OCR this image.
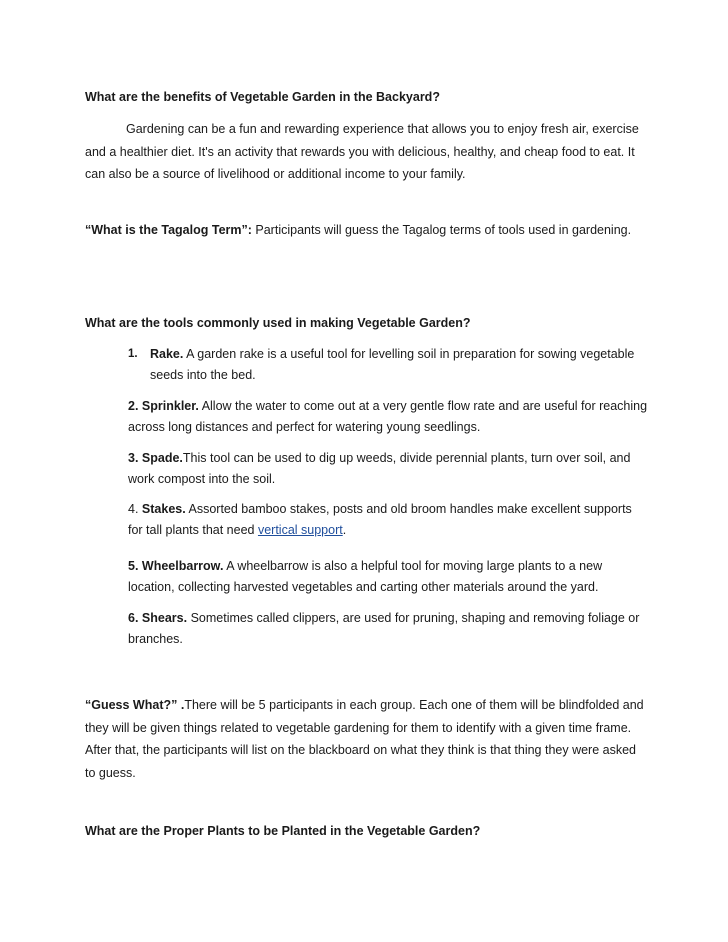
What are the benefits of Vegetable Garden in the Backyard?

Gardening can be a fun and rewarding experience that allows you to enjoy fresh air, exercise and a healthier diet. It's an activity that rewards you with delicious, healthy, and cheap food to eat. It can also be a source of livelihood or additional income to your family.

“What is the Tagalog Term”: Participants will guess the Tagalog terms of tools used in gardening.

What are the tools commonly used in making Vegetable Garden?

1. Rake. A garden rake is a useful tool for levelling soil in preparation for sowing vegetable seeds into the bed.

2. Sprinkler. Allow the water to come out at a very gentle flow rate and are useful for reaching across long distances and perfect for watering young seedlings.

3. Spade.This tool can be used to dig up weeds, divide perennial plants, turn over soil, and work compost into the soil.

4. Stakes. Assorted bamboo stakes, posts and old broom handles make excellent supports for tall plants that need vertical support.

5. Wheelbarrow. A wheelbarrow is also a helpful tool for moving large plants to a new location, collecting harvested vegetables and carting other materials around the yard.

6. Shears. Sometimes called clippers, are used for pruning, shaping and removing foliage or branches.

“Guess What?” .There will be 5 participants in each group. Each one of them will be blindfolded and they will be given things related to vegetable gardening for them to identify with a given time frame. After that, the participants will list on the blackboard on what they think is that thing they were asked to guess.

What are the Proper Plants to be Planted in the Vegetable Garden?
